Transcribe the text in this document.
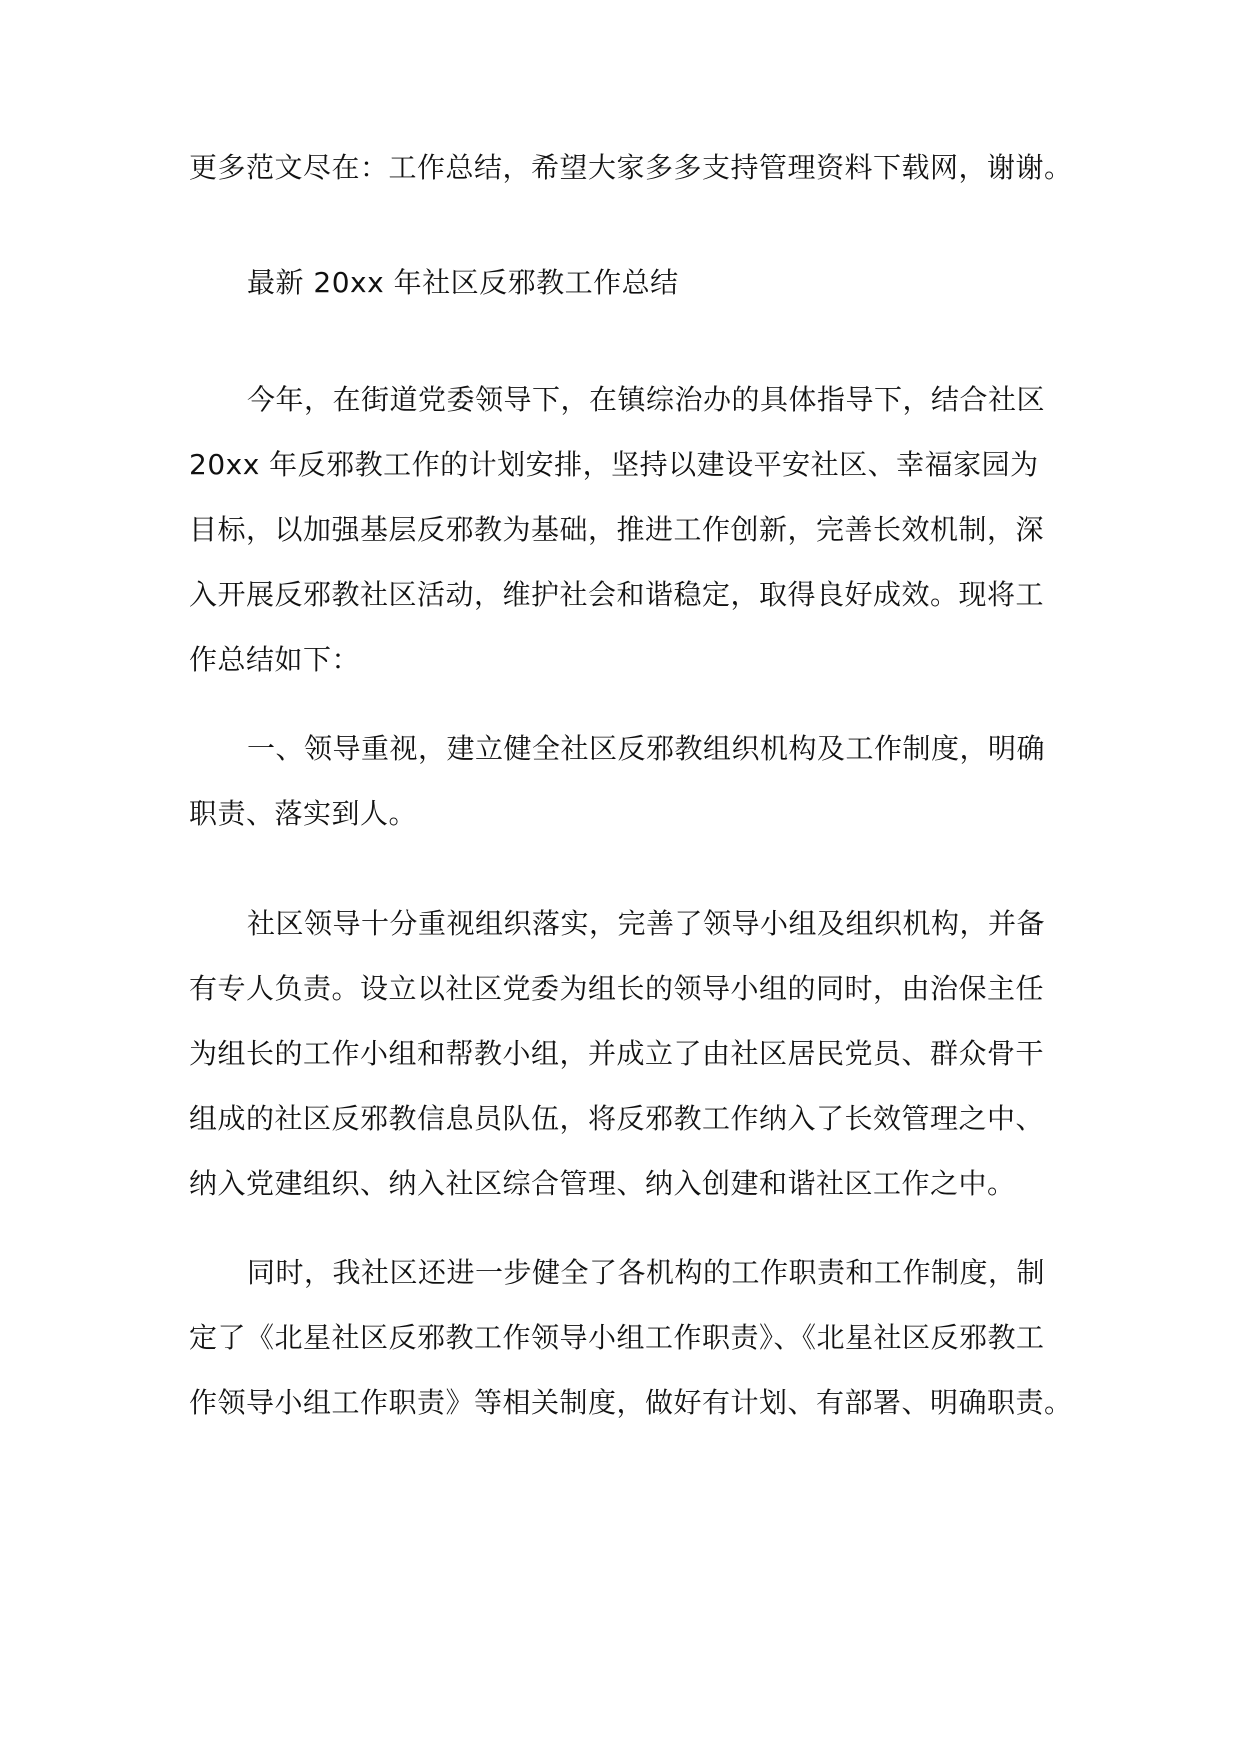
更多范文尽在：工作总结，希望大家多多支持管理资料下载网，谢谢。

最新 20xx 年社区反邪教工作总结

今年，在街道党委领导下，在镇综治办的具体指导下，结合社区
20xx 年反邪教工作的计划安排，坚持以建设平安社区、幸福家园为
目标，以加强基层反邪教为基础，推进工作创新，完善长效机制，深
入开展反邪教社区活动，维护社会和谐稳定，取得良好成效。现将工
作总结如下：

一、领导重视，建立健全社区反邪教组织机构及工作制度，明确
职责、落实到人。

社区领导十分重视组织落实，完善了领导小组及组织机构，并备
有专人负责。设立以社区党委为组长的领导小组的同时，由治保主任
为组长的工作小组和帮教小组，并成立了由社区居民党员、群众骨干
组成的社区反邪教信息员队伍，将反邪教工作纳入了长效管理之中、
纳入党建组织、纳入社区综合管理、纳入创建和谐社区工作之中。

同时，我社区还进一步健全了各机构的工作职责和工作制度，制
定了《北星社区反邪教工作领导小组工作职责》、《北星社区反邪教工
作领导小组工作职责》等相关制度，做好有计划、有部署、明确职责。
